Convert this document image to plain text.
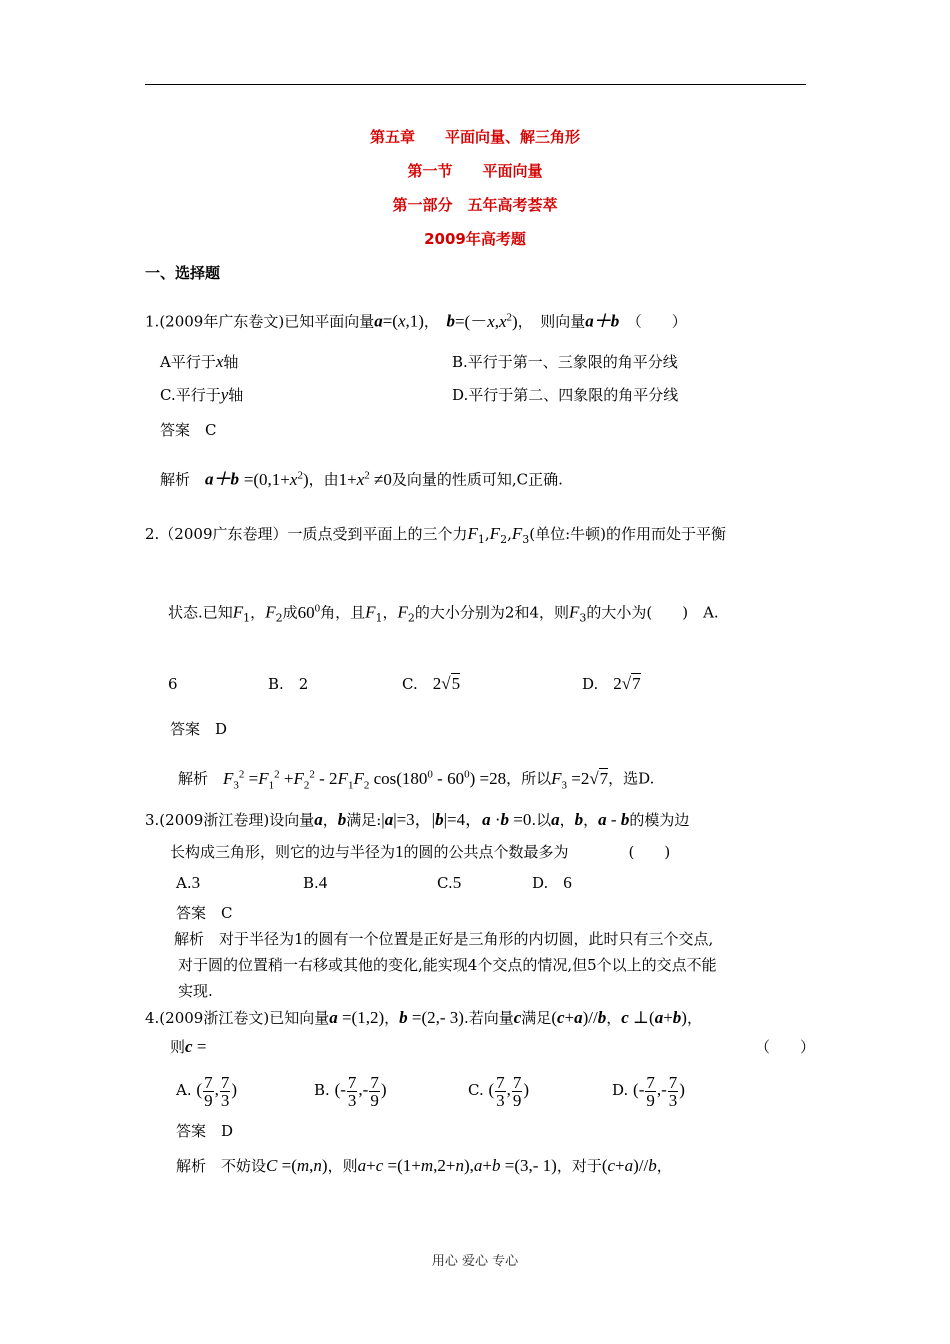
第五章　　平面向量、解三角形
第一节　　平面向量
第一部分　五年高考荟萃
2009年高考题
一、选择题
1.(2009年广东卷文)已知平面向量a=(x,1)，　 $b=(-x,x^2)$，　则向量a＋b　 （　　）
A平行于x轴	B.平行于第一、三象限的角平分线
C.平行于y轴	D.平行于第二、四象限的角平分线
答案　C
解析　 $a+b =(0,1+x^2)$，由$1+x^2 \ne 0$及向量的性质可知,C正确.
2.（2009广东卷理）一质点受到平面上的三个力$F_1,F_2,F_3$(单位:牛顿)的作用而处于平衡
状态.已知$F_1$，$F_2$成$60^0$角，且$F_1$，$F_2$的大小分别为2和4，则$F_3$的大小为(　　)　A.
6	B.　2	C.　 2√5	D.　 2√7
答案　D
解析　 $F_3^2 =F_1^2 +F_2^2 - 2F_1F_2$ $\cos(180^0 - 60^0) =28$，所以$F_3 =2√7$，选D.
3.(2009浙江卷理)设向量a，b满足:|a|=3，|b|=4，a ·b =0.以a，b，a - b的模为边
长构成三角形，则它的边与半径为1的圆的公共点个数最多为　　　　	(　　)
A.3	B.4	C.5	D.　 6
答案　C
解析　对于半径为1的圆有一个位置是正好是三角形的内切圆，此时只有三个交点,
对于圆的位置稍一右移或其他的变化,能实现4个交点的情况,但5个以上的交点不能
实现.
4.(2009浙江卷文)已知向量a =(1,2)，b =(2,- 3).若向量c满足(c+a)//b，c ⊥(a+b)，
则c =	（　　）
A. ( $\frac{7}{9}$ , $\frac{7}{3}$ )	B. (- $\frac{7}{3}$ ,- $\frac{7}{9}$ )	C. ( $\frac{7}{3}$ , $\frac{7}{9}$ )	D. (- $\frac{7}{9}$ ,- $\frac{7}{3}$ )
答案　D
解析　 不妨设C =(m,n)，则a+c =(1+m,2+n),a+b =(3,- 1)，对于(c+a)//b，
用心 爱心 专心
